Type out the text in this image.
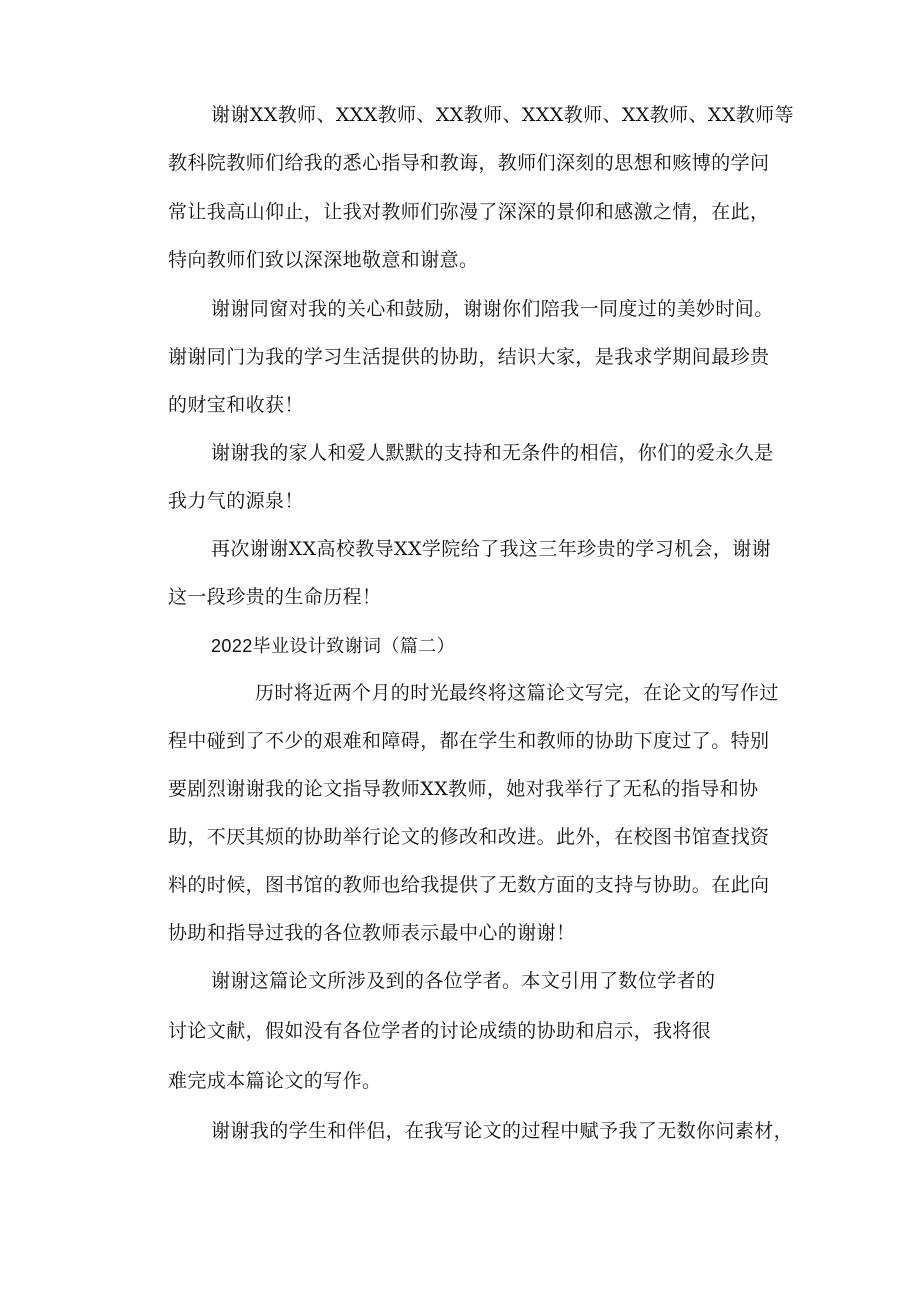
谢谢XX教师、XXX教师、XX教师、XXX教师、XX教师、XX教师等

教科院教师们给我的悉心指导和教诲，教师们深刻的思想和赅博的学问

常让我高山仰止，让我对教师们弥漫了深深的景仰和感激之情，在此，

特向教师们致以深深地敬意和谢意。

谢谢同窗对我的关心和鼓励，谢谢你们陪我一同度过的美妙时间。

谢谢同门为我的学习生活提供的协助，结识大家，是我求学期间最珍贵

的财宝和收获！

谢谢我的家人和爱人默默的支持和无条件的相信，你们的爱永久是

我力气的源泉！

再次谢谢XX高校教导XX学院给了我这三年珍贵的学习机会，谢谢

这一段珍贵的生命历程！

2022毕业设计致谢词（篇二）

历时将近两个月的时光最终将这篇论文写完，在论文的写作过

程中碰到了不少的艰难和障碍，都在学生和教师的协助下度过了。特别

要剧烈谢谢我的论文指导教师XX教师，她对我举行了无私的指导和协

助，不厌其烦的协助举行论文的修改和改进。此外，在校图书馆查找资

料的时候，图书馆的教师也给我提供了无数方面的支持与协助。在此向

协助和指导过我的各位教师表示最中心的谢谢！

谢谢这篇论文所涉及到的各位学者。本文引用了数位学者的

讨论文献，假如没有各位学者的讨论成绩的协助和启示，我将很

难完成本篇论文的写作。

谢谢我的学生和伴侣，在我写论文的过程中赋予我了无数你问素材，
